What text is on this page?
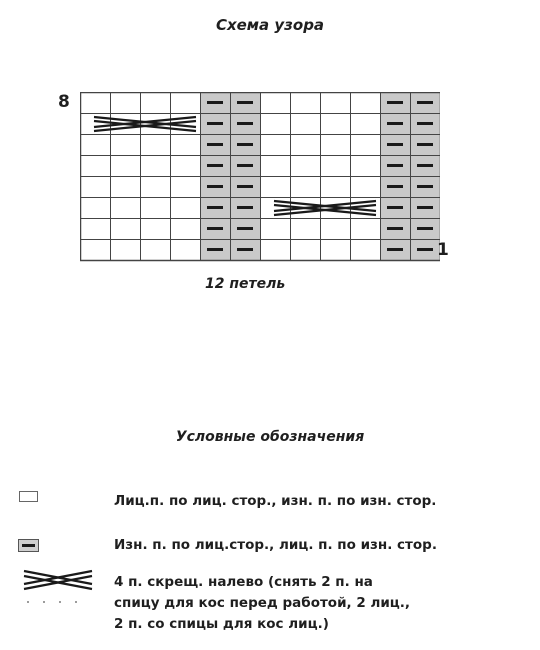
Схема узора
8
1
12 петель
Условные обозначения
Лиц.п. по лиц. стор., изн. п. по изн. стор.
Изн. п. по лиц.стор., лиц. п. по изн. стор.
4 п. скрещ. налево (снять 2 п. на спицу для кос перед работой, 2 лиц., 2 п. со спицы для кос лиц.)
